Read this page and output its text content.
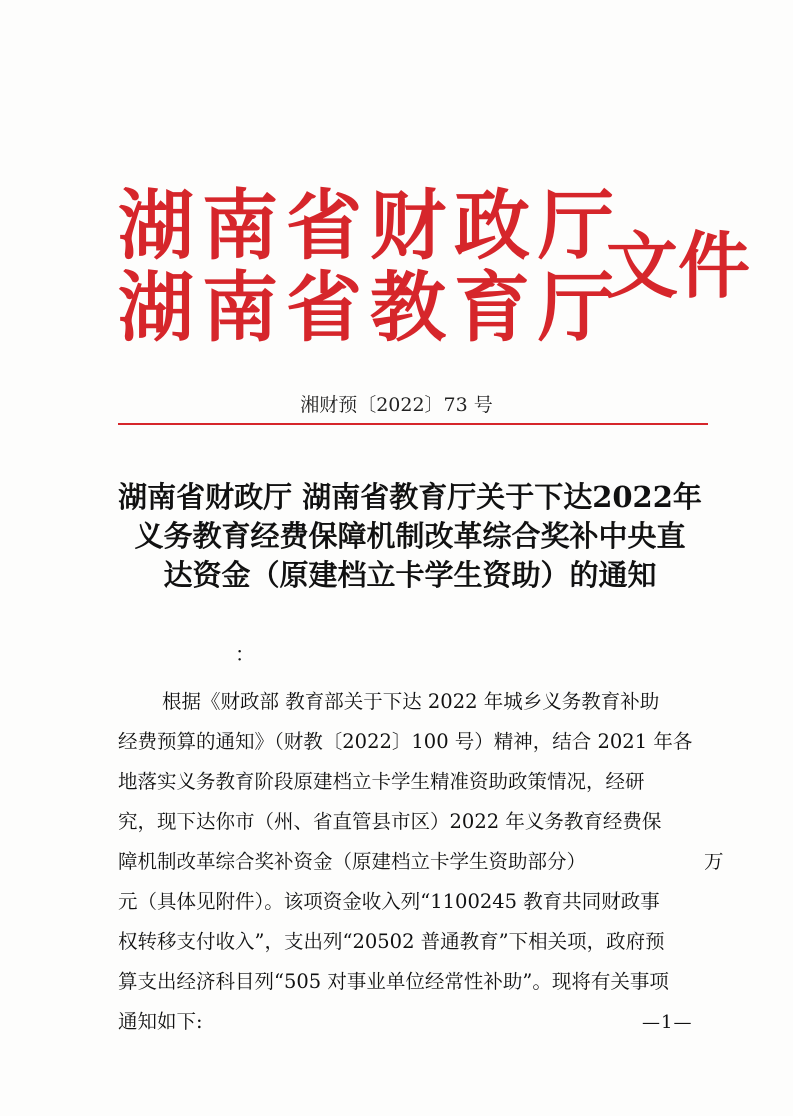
湖南省财政厅
湖南省教育厅
文件
湘财预〔2022〕73 号
湖南省财政厅 湖南省教育厅关于下达2022年
义务教育经费保障机制改革综合奖补中央直
达资金（原建档立卡学生资助）的通知
：
根据《财政部 教育部关于下达 2022 年城乡义务教育补助
经费预算的通知》（财教〔2022〕100 号）精神，结合 2021 年各
地落实义务教育阶段原建档立卡学生精准资助政策情况，经研
究，现下达你市（州、省直管县市区）2022 年义务教育经费保
障机制改革综合奖补资金（原建档立卡学生资助部分）	万
元（具体见附件）。该项资金收入列“1100245 教育共同财政事
权转移支付收入”，支出列“20502 普通教育”下相关项，政府预
算支出经济科目列“505 对事业单位经常性补助”。现将有关事项
通知如下:	—1—
